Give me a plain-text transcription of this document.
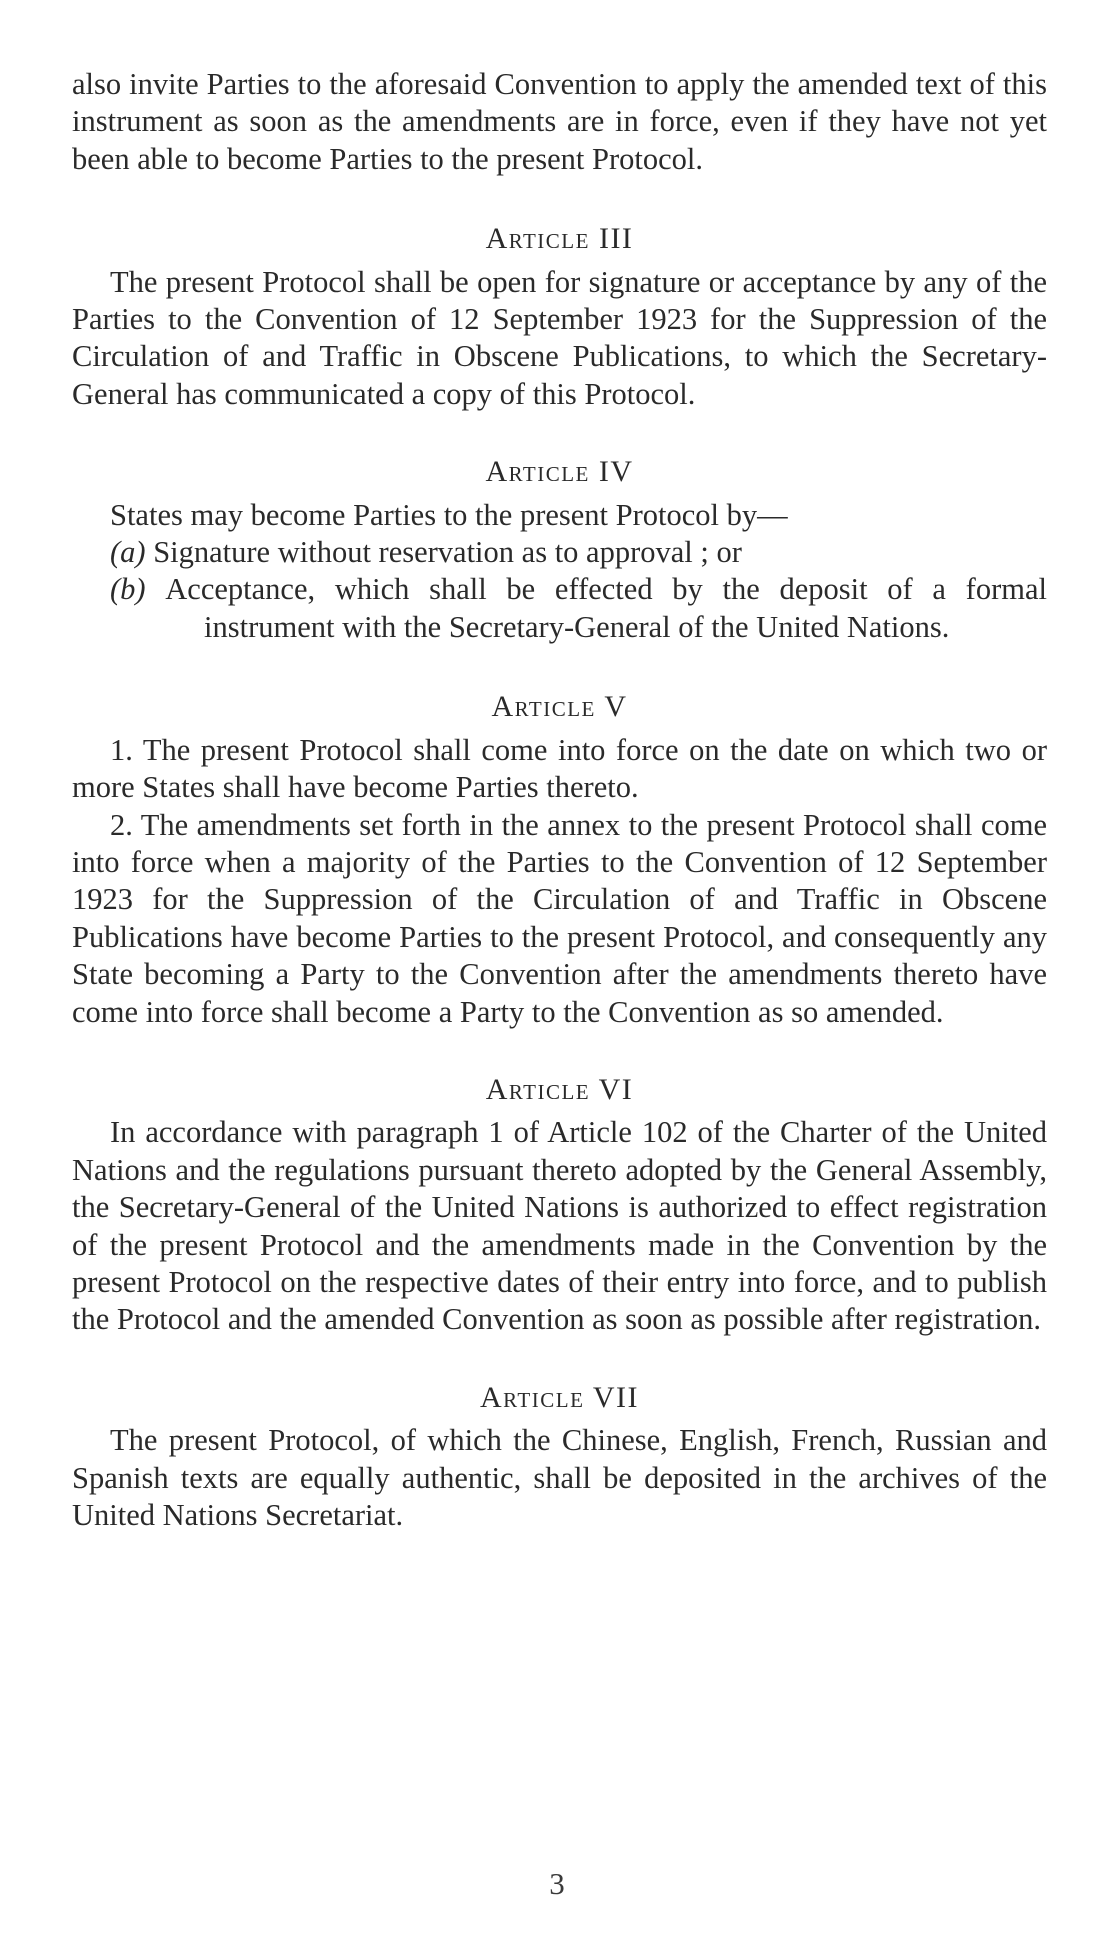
also invite Parties to the aforesaid Convention to apply the amended text of this instrument as soon as the amendments are in force, even if they have not yet been able to become Parties to the present Protocol.

Article III

The present Protocol shall be open for signature or acceptance by any of the Parties to the Convention of 12 September 1923 for the Suppression of the Circulation of and Traffic in Obscene Publications, to which the Secretary-General has communicated a copy of this Protocol.

Article IV

States may become Parties to the present Protocol by—

(a) Signature without reservation as to approval ; or

(b) Acceptance, which shall be effected by the deposit of a formal instrument with the Secretary-General of the United Nations.

Article V

1. The present Protocol shall come into force on the date on which two or more States shall have become Parties thereto.

2. The amendments set forth in the annex to the present Protocol shall come into force when a majority of the Parties to the Convention of 12 September 1923 for the Suppression of the Circulation of and Traffic in Obscene Publications have become Parties to the present Protocol, and consequently any State becoming a Party to the Convention after the amendments thereto have come into force shall become a Party to the Convention as so amended.

Article VI

In accordance with paragraph 1 of Article 102 of the Charter of the United Nations and the regulations pursuant thereto adopted by the General Assembly, the Secretary-General of the United Nations is authorized to effect registration of the present Protocol and the amendments made in the Convention by the present Protocol on the respective dates of their entry into force, and to publish the Protocol and the amended Convention as soon as possible after registration.

Article VII

The present Protocol, of which the Chinese, English, French, Russian and Spanish texts are equally authentic, shall be deposited in the archives of the United Nations Secretariat.

3
